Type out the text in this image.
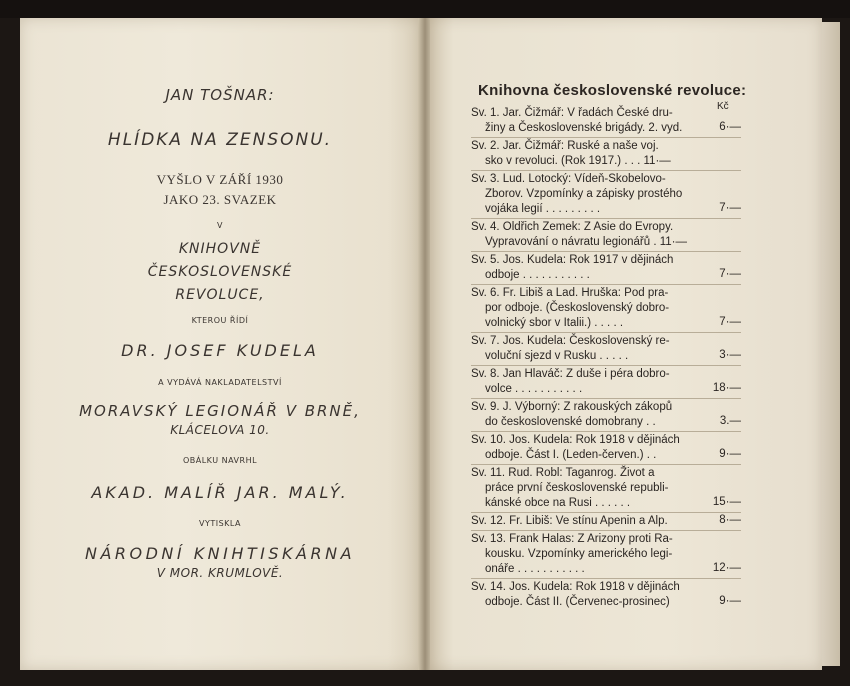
JAN TOŠNAR:
HLÍDKA NA ZENSONU.
VYŠLO V ZÁŘÍ 1930
JAKO 23. SVAZEK
V
KNIHOVNĚ
ČESKOSLOVENSKÉ
REVOLUCE,
KTEROU ŘÍDÍ
DR. JOSEF KUDELA
A VYDÁVÁ NAKLADATELSTVÍ
MORAVSKÝ LEGIONÁŘ V BRNĚ,
KLÁCELOVA 10.
OBÁLKU NAVRHL
AKAD. MALÍŘ JAR. MALÝ.
VYTISKLA
NÁRODNÍ KNIHTISKÁRNA
V MOR. KRUMLOVĚ.
Knihovna československé revoluce:
Kč
Sv. 1. Jar. Čižmář: V řadách České dru-
žiny a Československé brigády. 2. vyd.	6·—
Sv. 2. Jar. Čižmář: Ruské a naše voj.
sko v revoluci. (Rok 1917.) . . . 11·—
Sv. 3. Lud. Lotocký: Vídeň-Skobelovo-
Zborov. Vzpomínky a zápisky prostého
vojáka legií . . . . . . . . .	7·—
Sv. 4. Oldřich Zemek: Z Asie do Evropy.
Vypravování o návratu legionářů . 11·—
Sv. 5. Jos. Kudela: Rok 1917 v dějinách
odboje . . . . . . . . . . .	7·—
Sv. 6. Fr. Libiš a Lad. Hruška: Pod pra-
por odboje. (Československý dobro-
volnický sbor v Italii.) . . . . .	7·—
Sv. 7. Jos. Kudela: Československý re-
voluční sjezd v Rusku . . . . .	3·—
Sv. 8. Jan Hlaváč: Z duše i péra dobro-
volce . . . . . . . . . . .	18·—
Sv. 9. J. Výborný: Z rakouských zákopů
do československé domobrany . .	3.—
Sv. 10. Jos. Kudela: Rok 1918 v dějinách
odboje. Část I. (Leden-červen.) . .	9·—
Sv. 11. Rud. Robl: Taganrog. Život a
práce první československé republi-
kánské obce na Rusi . . . . . .	15·—
Sv. 12. Fr. Libiš: Ve stínu Apenin a Alp.	8·—
Sv. 13. Frank Halas: Z Arizony proti Ra-
kousku. Vzpomínky amerického legi-
onáře . . . . . . . . . . .	12·—
Sv. 14. Jos. Kudela: Rok 1918 v dějinách
odboje. Část II. (Červenec-prosinec)	9·—
